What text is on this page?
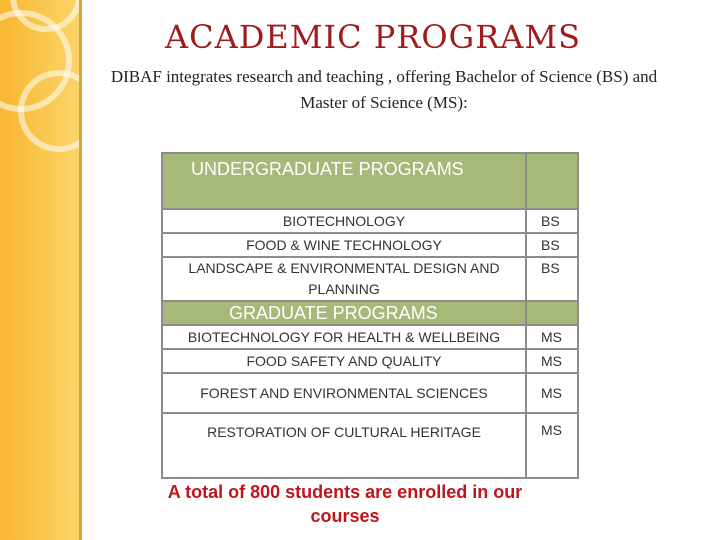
ACADEMIC PROGRAMS
DIBAF integrates research and teaching , offering Bachelor of Science (BS) and Master of Science (MS):
UNDERGRADUATE PROGRAMS	
BIOTECHNOLOGY	BS
FOOD & WINE TECHNOLOGY	BS
LANDSCAPE & ENVIRONMENTAL DESIGN AND PLANNING	BS
GRADUATE PROGRAMS	
BIOTECHNOLOGY FOR HEALTH & WELLBEING	MS
FOOD SAFETY AND QUALITY	MS
FOREST AND ENVIRONMENTAL SCIENCES	MS
RESTORATION OF CULTURAL HERITAGE	MS
A total of 800 students are enrolled in our courses
